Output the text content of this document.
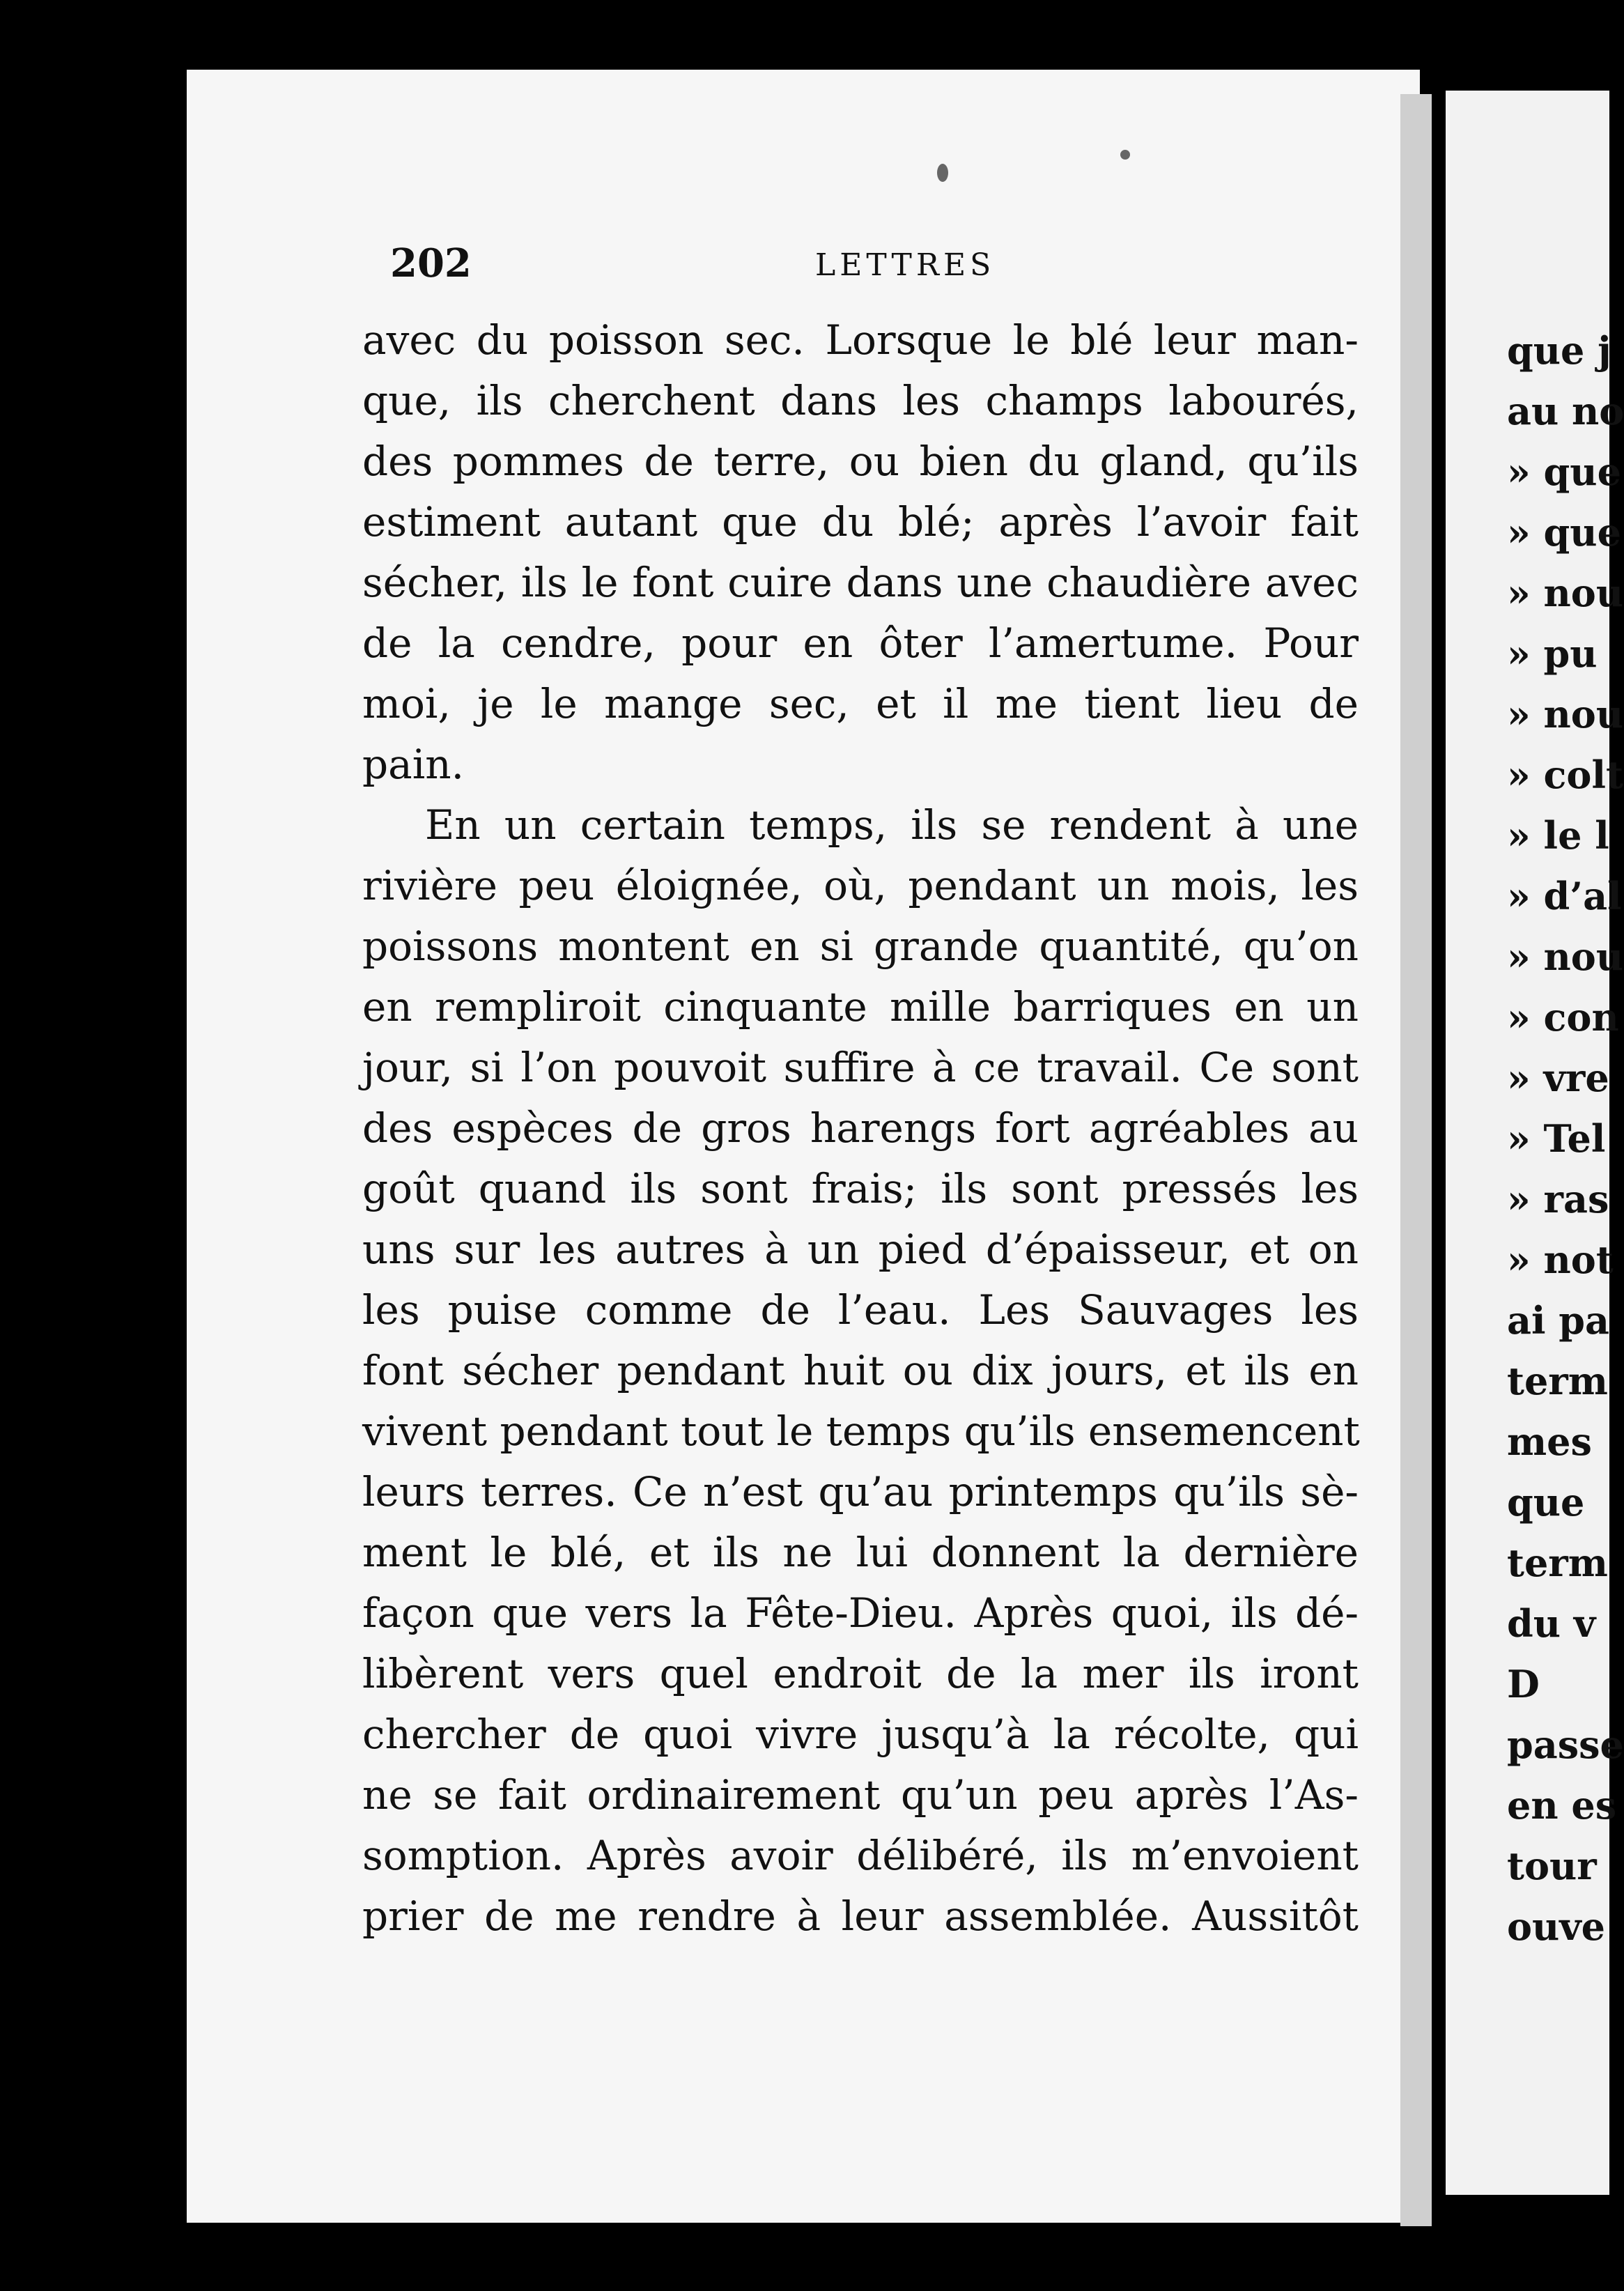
que j
au no
» que
» que
» nou
» pu
» nou
» colt
» le l
» d’al
» nou
» con
» vre
» Tel
» ras
» not
ai pa
term
mes
que
term
du v
D
passe
en es
tour
ouve
202	LETTRES
avec du poisson sec. Lorsque le blé leur man-
que, ils cherchent dans les champs labourés,
des pommes de terre, ou bien du gland, qu’ils
estiment autant que du blé; après l’avoir fait
sécher, ils le font cuire dans une chaudière avec
de la cendre, pour en ôter l’amertume. Pour
moi, je le mange sec, et il me tient lieu de
pain.
En un certain temps, ils se rendent à une
rivière peu éloignée, où, pendant un mois, les
poissons montent en si grande quantité, qu’on
en rempliroit cinquante mille barriques en un
jour, si l’on pouvoit suffire à ce travail. Ce sont
des espèces de gros harengs fort agréables au
goût quand ils sont frais; ils sont pressés les
uns sur les autres à un pied d’épaisseur, et on
les puise comme de l’eau. Les Sauvages les
font sécher pendant huit ou dix jours, et ils en
vivent pendant tout le temps qu’ils ensemencent
leurs terres. Ce n’est qu’au printemps qu’ils sè-
ment le blé, et ils ne lui donnent la dernière
façon que vers la Fête-Dieu. Après quoi, ils dé-
libèrent vers quel endroit de la mer ils iront
chercher de quoi vivre jusqu’à la récolte, qui
ne se fait ordinairement qu’un peu après l’As-
somption. Après avoir délibéré, ils m’envoient
prier de me rendre à leur assemblée. Aussitôt
